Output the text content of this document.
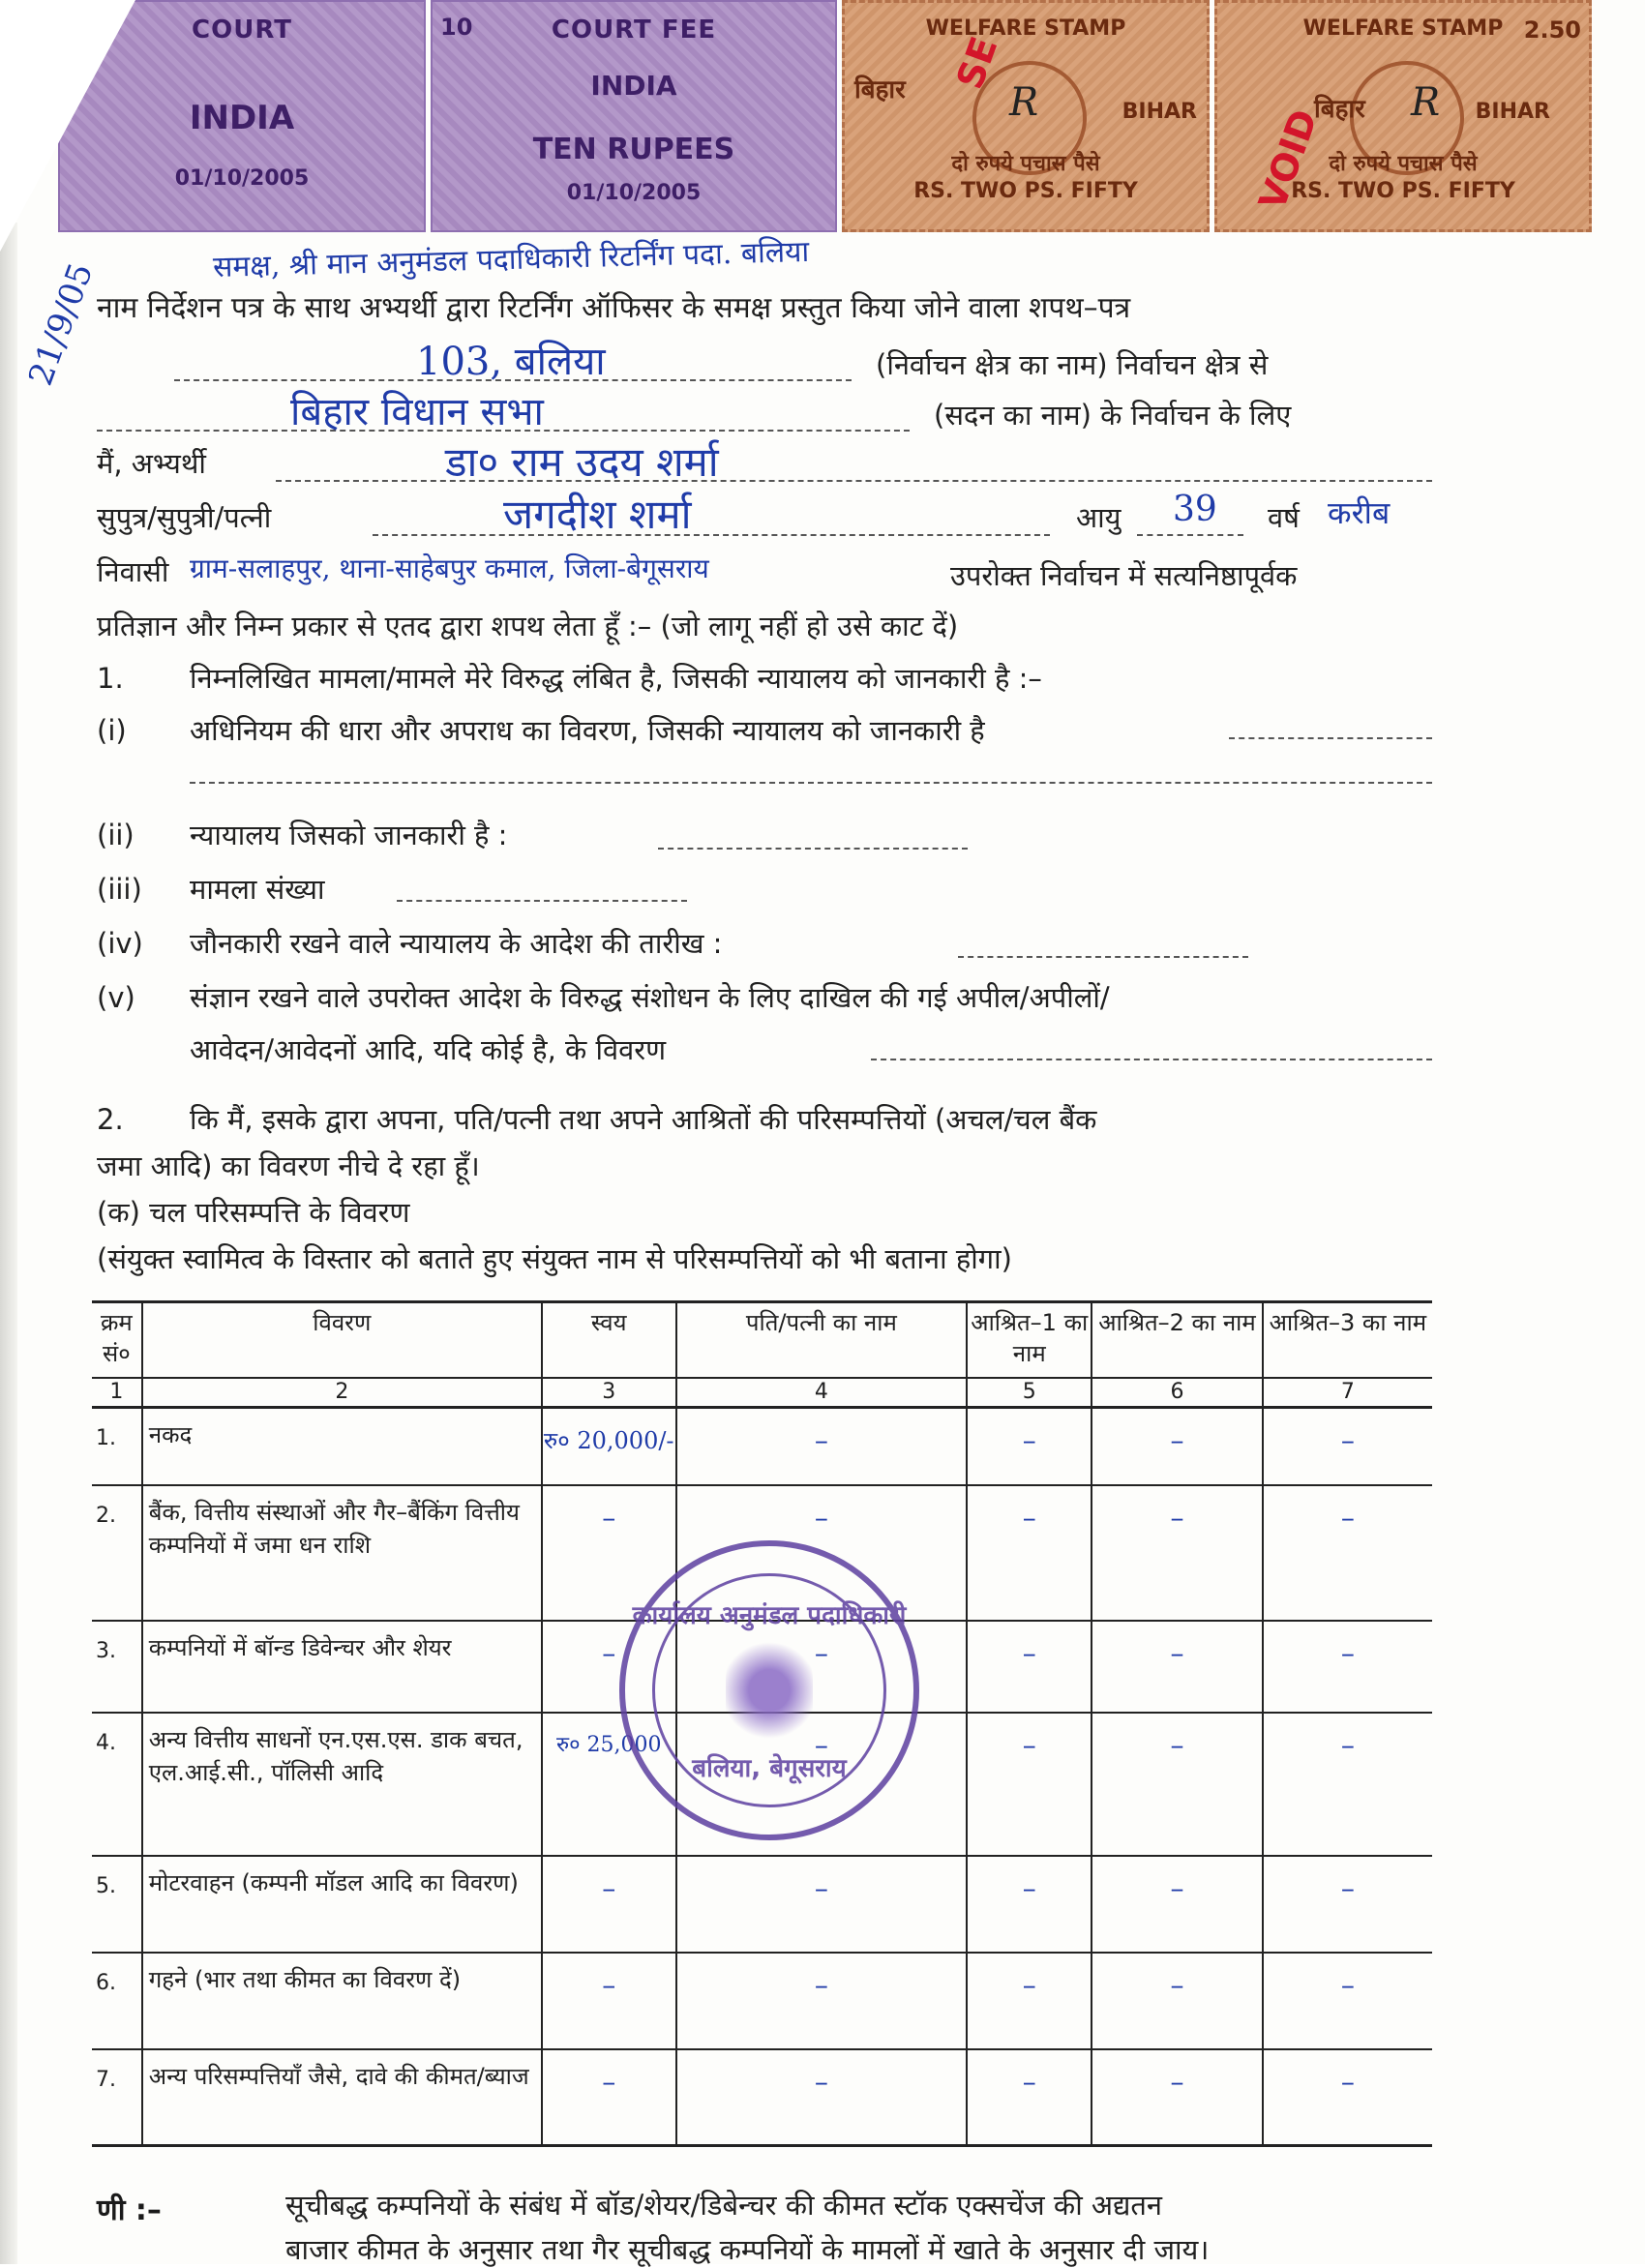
10	COURT
INDIA
01/10/2005
10	COURT FEE
INDIA
TEN RUPEES
01/10/2005
WELFARE STAMP
बिहार
BIHAR
दो रुपये पचास पैसे
RS. TWO PS. FIFTY
SE
R
WELFARE STAMP 2.50
बिहार	BIHAR
दो रुपये पचास पैसे
RS. TWO PS. FIFTY
VOID
R
समक्ष, श्री मान अनुमंडल पदाधिकारी रिटर्निंग पदा. बलिया
21/9/05
नाम निर्देशन पत्र के साथ अभ्यर्थी द्वारा रिटर्निंग ऑफिसर के समक्ष प्रस्तुत किया जोने वाला शपथ–पत्र
103, बलिया	(निर्वाचन क्षेत्र का नाम) निर्वाचन क्षेत्र से
बिहार विधान सभा	(सदन का नाम) के निर्वाचन के लिए
मैं, अभ्यर्थी	डा० राम उदय शर्मा
सुपुत्र/सुपुत्री/पत्नी	जगदीश शर्मा	आयु 39 वर्ष करीब
निवासी ग्राम-सलाहपुर, थाना-साहेबपुर कमाल, जिला-बेगूसराय	उपरोक्त निर्वाचन में सत्यनिष्ठापूर्वक
प्रतिज्ञान और निम्न प्रकार से एतद द्वारा शपथ लेता हूँ :– (जो लागू नहीं हो उसे काट दें)
1. निम्नलिखित मामला/मामले मेरे विरुद्ध लंबित है, जिसकी न्यायालय को जानकारी है :–
(i) अधिनियम की धारा और अपराध का विवरण, जिसकी न्यायालय को जानकारी है
(ii) न्यायालय जिसको जानकारी है :
(iii) मामला संख्या
(iv) जौनकारी रखने वाले न्यायालय के आदेश की तारीख :
(v) संज्ञान रखने वाले उपरोक्त आदेश के विरुद्ध संशोधन के लिए दाखिल की गई अपील/अपीलों/
आवेदन/आवेदनों आदि, यदि कोई है, के विवरण
2. कि मैं, इसके द्वारा अपना, पति/पत्नी तथा अपने आश्रितों की परिसम्पत्तियों (अचल/चल बैंक
जमा आदि) का विवरण नीचे दे रहा हूँ।
(क) चल परिसम्पत्ति के विवरण
(संयुक्त स्वामित्व के विस्तार को बताते हुए संयुक्त नाम से परिसम्पत्तियों को भी बताना होगा)
क्रम सं०	विवरण	स्वय	पति/पत्नी का नाम	आश्रित–1 का नाम	आश्रित–2 का नाम	आश्रित–3 का नाम
1	2	3	4	5	6	7
1.	नकद	रु० 20,000/-	–	–	–	–
2.	बैंक, वित्तीय संस्थाओं और गैर–बैंकिंग वित्तीय कम्पनियों में जमा धन राशि	–	–	–	–	–
3.	कम्पनियों में बॉन्ड डिवेन्चर और शेयर	–	–	–	–	–
4.	अन्य वित्तीय साधनों एन.एस.एस. डाक बचत, एल.आई.सी., पॉलिसी आदि	रु० 25,000	–	–	–	–
5.	मोटरवाहन (कम्पनी मॉडल आदि का विवरण)	–	–	–	–	–
6.	गहने (भार तथा कीमत का विवरण दें)	–	–	–	–	–
7.	अन्य परिसम्पत्तियाँ जैसे, दावे की कीमत/ब्याज	–	–	–	–	–
कार्यालय अनुमंडल पदाधिकारी
बलिया, बेगूसराय
णी :–	सूचीबद्ध कम्पनियों के संबंध में बॉड/शेयर/डिबेन्चर की कीमत स्टॉक एक्सचेंज की अद्यतन
बाजार कीमत के अनुसार तथा गैर सूचीबद्ध कम्पनियों के मामलों में खाते के अनुसार दी जाय।
